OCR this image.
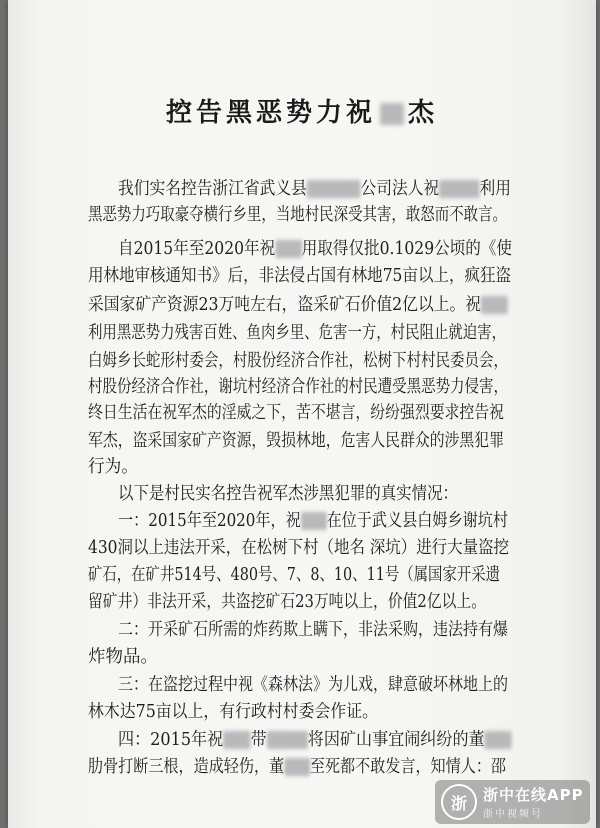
控告黑恶势力祝 杰
我们实名控告浙江省武义县	公司法人祝 利用
黑恶势力巧取豪夺横行乡里，当地村民深受其害，敢怒而不敢言。
自2015年至2020年祝 用取得仅批0.1029公顷的《使
用林地审核通知书》后，非法侵占国有林地75亩以上，疯狂盗
采国家矿产资源23万吨左右，盗采矿石价值2亿以上。祝
利用黑恶势力残害百姓、鱼肉乡里、危害一方，村民阻止就迫害，
白姆乡长蛇形村委会，村股份经济合作社，松树下村村民委员会，
村股份经济合作社，谢坑村经济合作社的村民遭受黑恶势力侵害，
终日生活在祝军杰的淫威之下，苦不堪言，纷纷强烈要求控告祝
军杰，盗采国家矿产资源，毁损林地，危害人民群众的涉黑犯罪
行为。
以下是村民实名控告祝军杰涉黑犯罪的真实情况：
一：2015年至2020年，祝 在位于武义县白姆乡谢坑村
430洞以上违法开采，在松树下村（地名 深坑）进行大量盗挖
矿石，在矿井514号、480号、7、8、10、11号（属国家开采遗
留矿井）非法开采，共盗挖矿石23万吨以上，价值2亿以上。
二：开采矿石所需的炸药欺上瞒下，非法采购，违法持有爆
炸物品。
三：在盗挖过程中视《森林法》为儿戏，肆意破坏林地上的
林木达75亩以上，有行政村村委会作证。
四：2015年祝 带 将因矿山事宜闹纠纷的董
肋骨打断三根，造成轻伤，董 至死都不敢发言，知情人：邵
浙	浙中在线APP
浙中视频号
